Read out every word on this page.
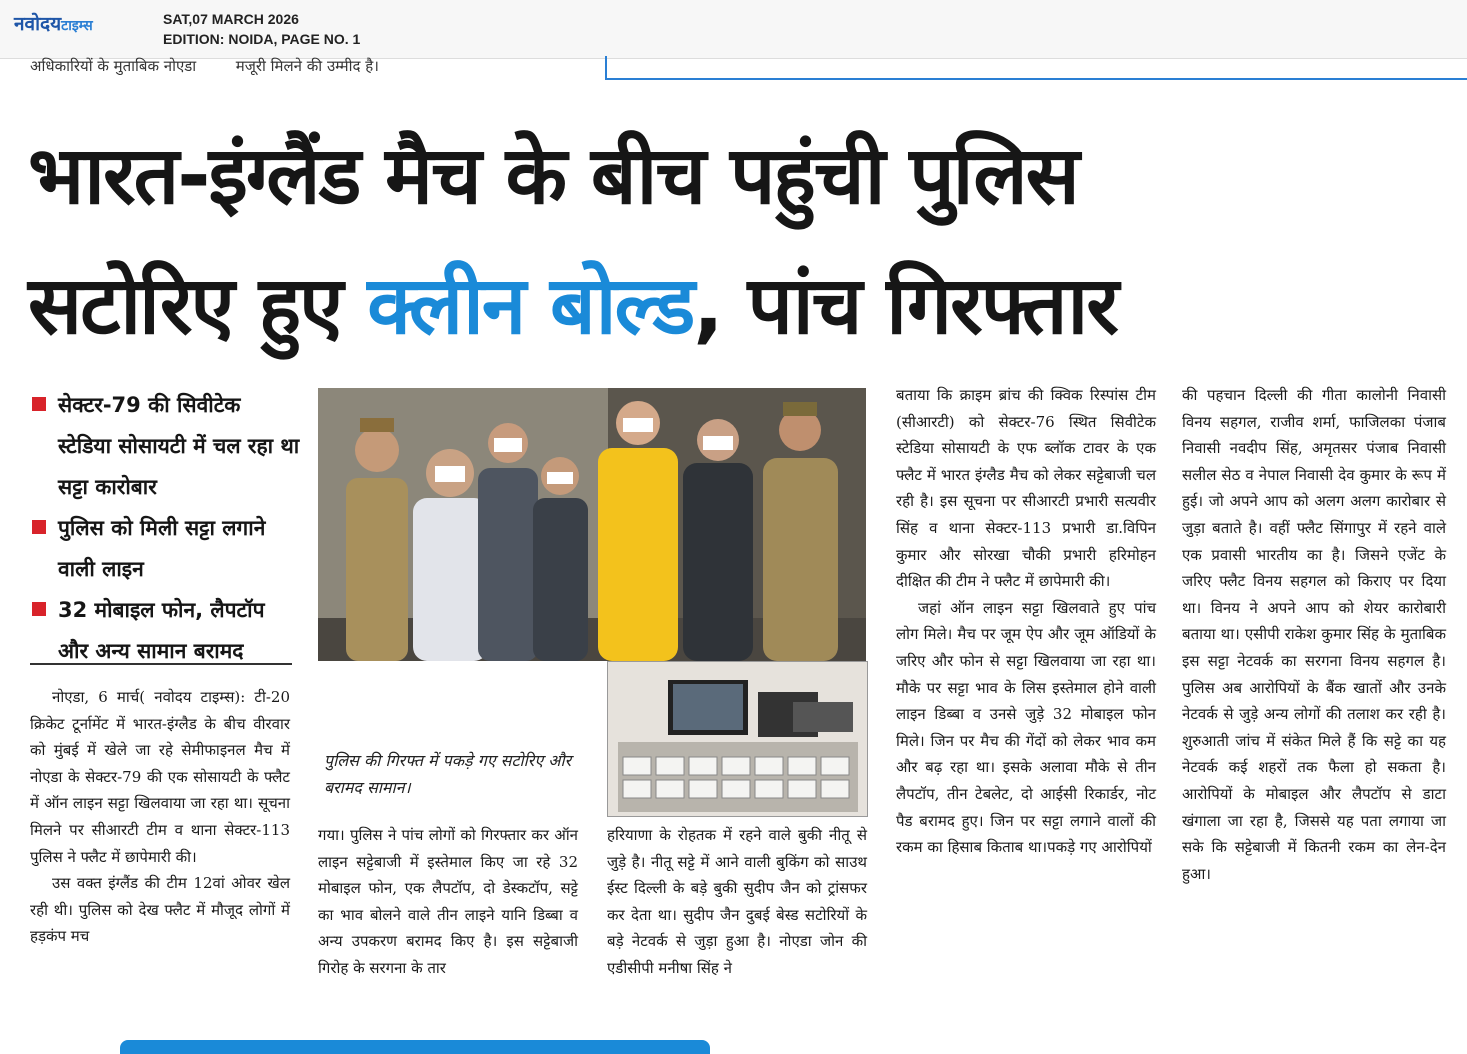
नवोदयटाइम्स	SAT,07 MARCH 2026
EDITION: NOIDA, PAGE NO. 1
अधिकारियों के मुताबिक नोएडा	मजूरी मिलने की उम्मीद है।
भारत-इंग्लैंड मैच के बीच पहुंची पुलिस
सटोरिए हुए क्लीन बोल्ड, पांच गिरफ्तार
सेक्टर-79 की सिवीटेक स्टेडिया सोसायटी में चल रहा था सट्टा कारोबार
पुलिस को मिली सट्टा लगाने वाली लाइन
32 मोबाइल फोन, लैपटॉप और अन्य सामान बरामद
पुलिस की गिरफ्त में पकड़े गए सटोरिए और बरामद सामान।

नोएडा, 6 मार्च( नवोदय टाइम्स): टी-20 क्रिकेट टूर्नामेंट में भारत-इंग्लैड के बीच वीरवार को मुंबई में खेले जा रहे सेमीफाइनल मैच में नोएडा के सेक्टर-79 की एक सोसायटी के फ्लैट में ऑन लाइन सट्टा खिलवाया जा रहा था। सूचना मिलने पर सीआरटी टीम व थाना सेक्टर-113 पुलिस ने फ्लैट में छापेमारी की।

उस वक्त इंग्लैंड की टीम 12वां ओवर खेल रही थी। पुलिस को देख फ्लैट में मौजूद लोगों में हड़कंप मच

गया। पुलिस ने पांच लोगों को गिरफ्तार कर ऑन लाइन सट्टेबाजी में इस्तेमाल किए जा रहे 32 मोबाइल फोन, एक लैपटॉप, दो डेस्कटॉप, सट्टे का भाव बोलने वाले तीन लाइने यानि डिब्बा व अन्य उपकरण बरामद किए है। इस सट्टेबाजी गिरोह के सरगना के तार

हरियाणा के रोहतक में रहने वाले बुकी नीतू से जुड़े है। नीतू सट्टे में आने वाली बुकिंग को साउथ ईस्ट दिल्ली के बड़े बुकी सुदीप जैन को ट्रांसफर कर देता था। सुदीप जैन दुबई बेस्ड सटोरियों के बड़े नेटवर्क से जुड़ा हुआ है। नोएडा जोन की एडीसीपी मनीषा सिंह ने

बताया कि क्राइम ब्रांच की क्विक रिस्पांस टीम (सीआरटी) को सेक्टर-76 स्थित सिवीटेक स्टेडिया सोसायटी के एफ ब्लॉक टावर के एक फ्लैट में भारत इंग्लैड मैच को लेकर सट्टेबाजी चल रही है। इस सूचना पर सीआरटी प्रभारी सत्यवीर सिंह व थाना सेक्टर-113 प्रभारी डा.विपिन कुमार और सोरखा चौकी प्रभारी हरिमोहन दीक्षित की टीम ने फ्लैट में छापेमारी की।

जहां ऑन लाइन सट्टा खिलवाते हुए पांच लोग मिले। मैच पर जूम ऐप और जूम ऑडियों के जरिए और फोन से सट्टा खिलवाया जा रहा था।मौके पर सट्टा भाव के लिस इस्तेमाल होने वाली लाइन डिब्बा व उनसे जुड़े 32 मोबाइल फोन मिले। जिन पर मैच की गेंदों को लेकर भाव कम और बढ़ रहा था। इसके अलावा मौके से तीन लैपटॉप, तीन टेबलेट, दो आईसी रिकार्डर, नोट पैड बरामद हुए। जिन पर सट्टा लगाने वालों की रकम का हिसाब किताब था।पकड़े गए आरोपियों

की पहचान दिल्ली की गीता कालोनी निवासी विनय सहगल, राजीव शर्मा, फाजिलका पंजाब निवासी नवदीप सिंह, अमृतसर पंजाब निवासी सलील सेठ व नेपाल निवासी देव कुमार के रूप में हुई। जो अपने आप को अलग अलग कारोबार से जुड़ा बताते है। वहीं फ्लैट सिंगापुर में रहने वाले एक प्रवासी भारतीय का है। जिसने एजेंट के जरिए फ्लैट विनय सहगल को किराए पर दिया था। विनय ने अपने आप को शेयर कारोबारी बताया था। एसीपी राकेश कुमार सिंह के मुताबिक इस सट्टा नेटवर्क का सरगना विनय सहगल है। पुलिस अब आरोपियों के बैंक खातों और उनके नेटवर्क से जुड़े अन्य लोगों की तलाश कर रही है। शुरुआती जांच में संकेत मिले हैं कि सट्टे का यह नेटवर्क कई शहरों तक फैला हो सकता है। आरोपियों के मोबाइल और लैपटॉप से डाटा खंगाला जा रहा है, जिससे यह पता लगाया जा सके कि सट्टेबाजी में कितनी रकम का लेन-देन हुआ।
